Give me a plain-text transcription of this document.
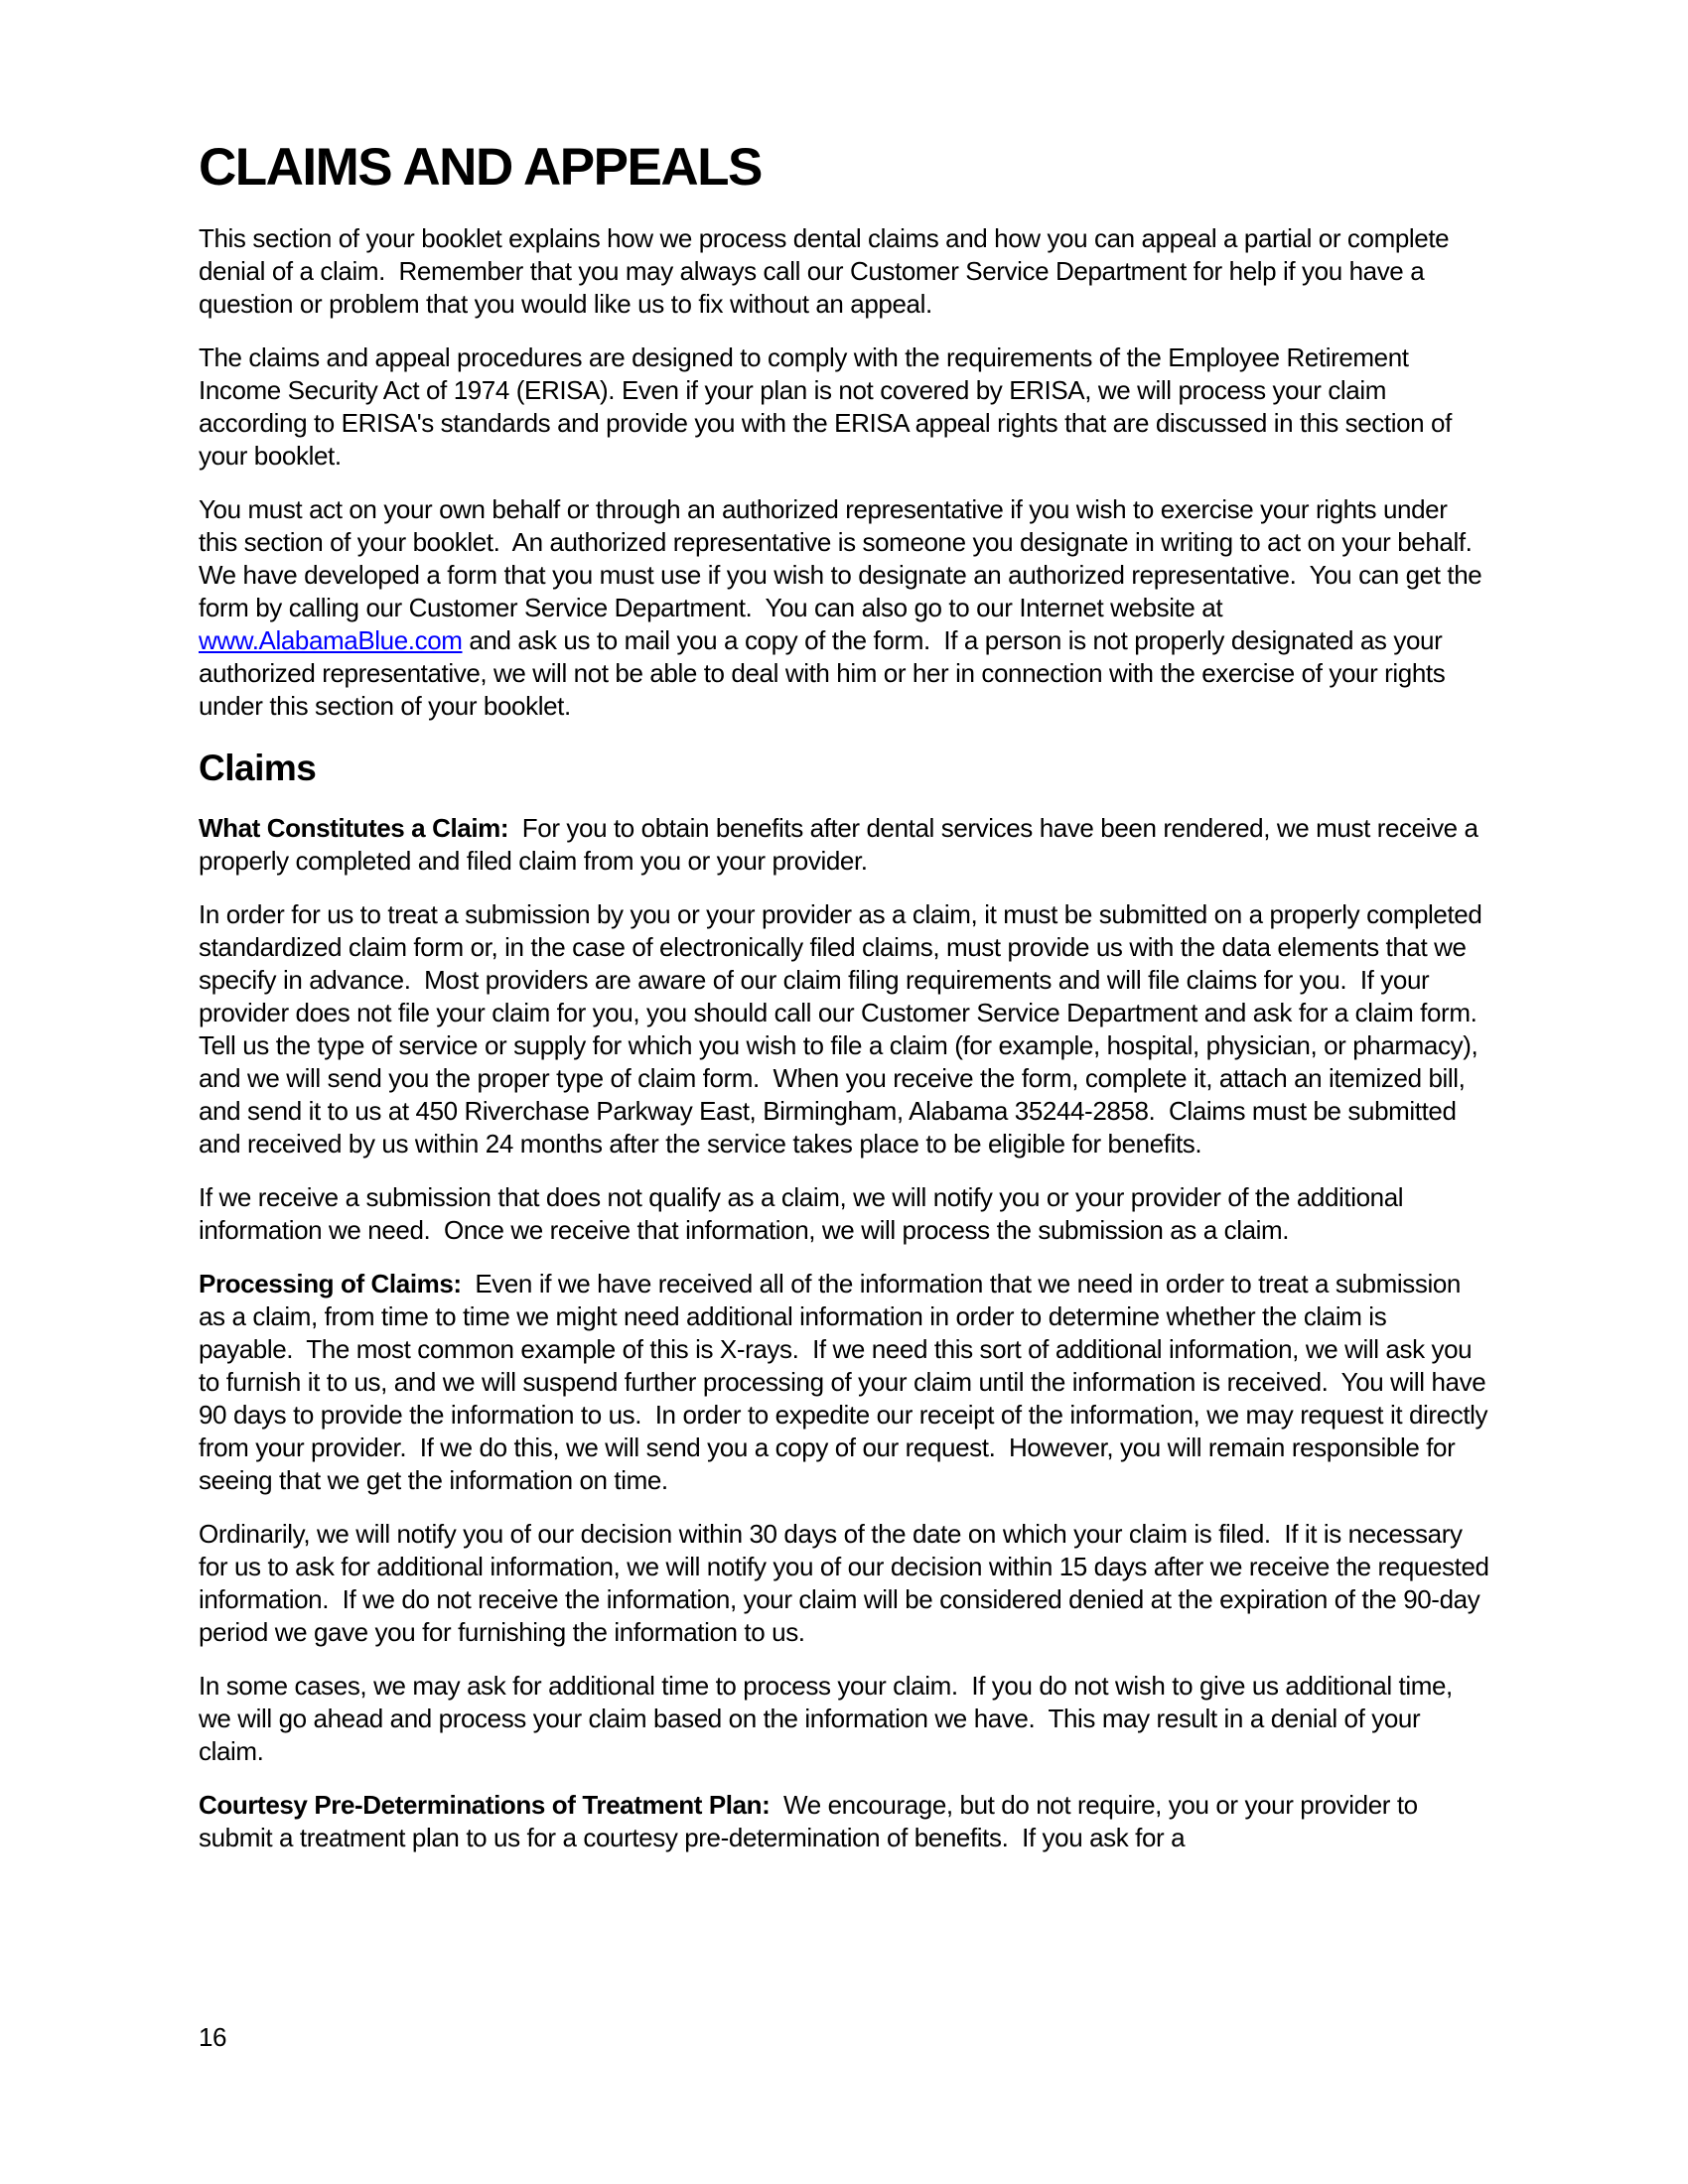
CLAIMS AND APPEALS

This section of your booklet explains how we process dental claims and how you can appeal a partial or complete denial of a claim.  Remember that you may always call our Customer Service Department for help if you have a question or problem that you would like us to fix without an appeal.

The claims and appeal procedures are designed to comply with the requirements of the Employee Retirement Income Security Act of 1974 (ERISA). Even if your plan is not covered by ERISA, we will process your claim according to ERISA's standards and provide you with the ERISA appeal rights that are discussed in this section of your booklet.

You must act on your own behalf or through an authorized representative if you wish to exercise your rights under this section of your booklet.  An authorized representative is someone you designate in writing to act on your behalf.  We have developed a form that you must use if you wish to designate an authorized representative.  You can get the form by calling our Customer Service Department.  You can also go to our Internet website at www.AlabamaBlue.com and ask us to mail you a copy of the form.  If a person is not properly designated as your authorized representative, we will not be able to deal with him or her in connection with the exercise of your rights under this section of your booklet.

Claims

What Constitutes a Claim:  For you to obtain benefits after dental services have been rendered, we must receive a properly completed and filed claim from you or your provider.

In order for us to treat a submission by you or your provider as a claim, it must be submitted on a properly completed standardized claim form or, in the case of electronically filed claims, must provide us with the data elements that we specify in advance.  Most providers are aware of our claim filing requirements and will file claims for you.  If your provider does not file your claim for you, you should call our Customer Service Department and ask for a claim form.  Tell us the type of service or supply for which you wish to file a claim (for example, hospital, physician, or pharmacy), and we will send you the proper type of claim form.  When you receive the form, complete it, attach an itemized bill, and send it to us at 450 Riverchase Parkway East, Birmingham, Alabama 35244-2858.  Claims must be submitted and received by us within 24 months after the service takes place to be eligible for benefits.

If we receive a submission that does not qualify as a claim, we will notify you or your provider of the additional information we need.  Once we receive that information, we will process the submission as a claim.

Processing of Claims:  Even if we have received all of the information that we need in order to treat a submission as a claim, from time to time we might need additional information in order to determine whether the claim is payable.  The most common example of this is X-rays.  If we need this sort of additional information, we will ask you to furnish it to us, and we will suspend further processing of your claim until the information is received.  You will have 90 days to provide the information to us.  In order to expedite our receipt of the information, we may request it directly from your provider.  If we do this, we will send you a copy of our request.  However, you will remain responsible for seeing that we get the information on time.

Ordinarily, we will notify you of our decision within 30 days of the date on which your claim is filed.  If it is necessary for us to ask for additional information, we will notify you of our decision within 15 days after we receive the requested information.  If we do not receive the information, your claim will be considered denied at the expiration of the 90-day period we gave you for furnishing the information to us.

In some cases, we may ask for additional time to process your claim.  If you do not wish to give us additional time, we will go ahead and process your claim based on the information we have.  This may result in a denial of your claim.

Courtesy Pre-Determinations of Treatment Plan:  We encourage, but do not require, you or your provider to submit a treatment plan to us for a courtesy pre-determination of benefits.  If you ask for a

16
